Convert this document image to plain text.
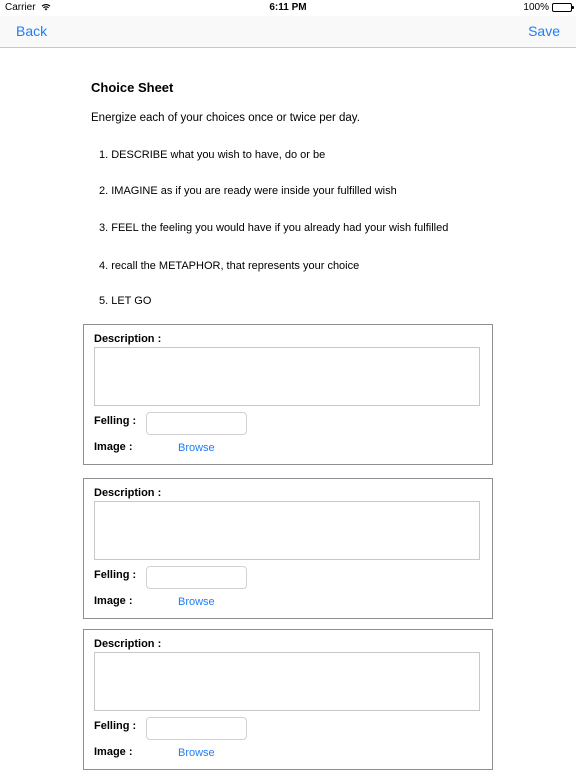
Carrier	6:11 PM	100%
Back	Save
Choice Sheet
Energize each of your choices once or twice per day.
1. DESCRIBE what you wish to have, do or be
2. IMAGINE as if you are ready were inside your fulfilled wish
3. FEEL the feeling you would have if you already had your wish fulfilled
4. recall the METAPHOR, that represents your choice
5. LET GO
Description :
Felling :
Image :	Browse
Description :
Felling :
Image :	Browse
Description :
Felling :
Image :	Browse
